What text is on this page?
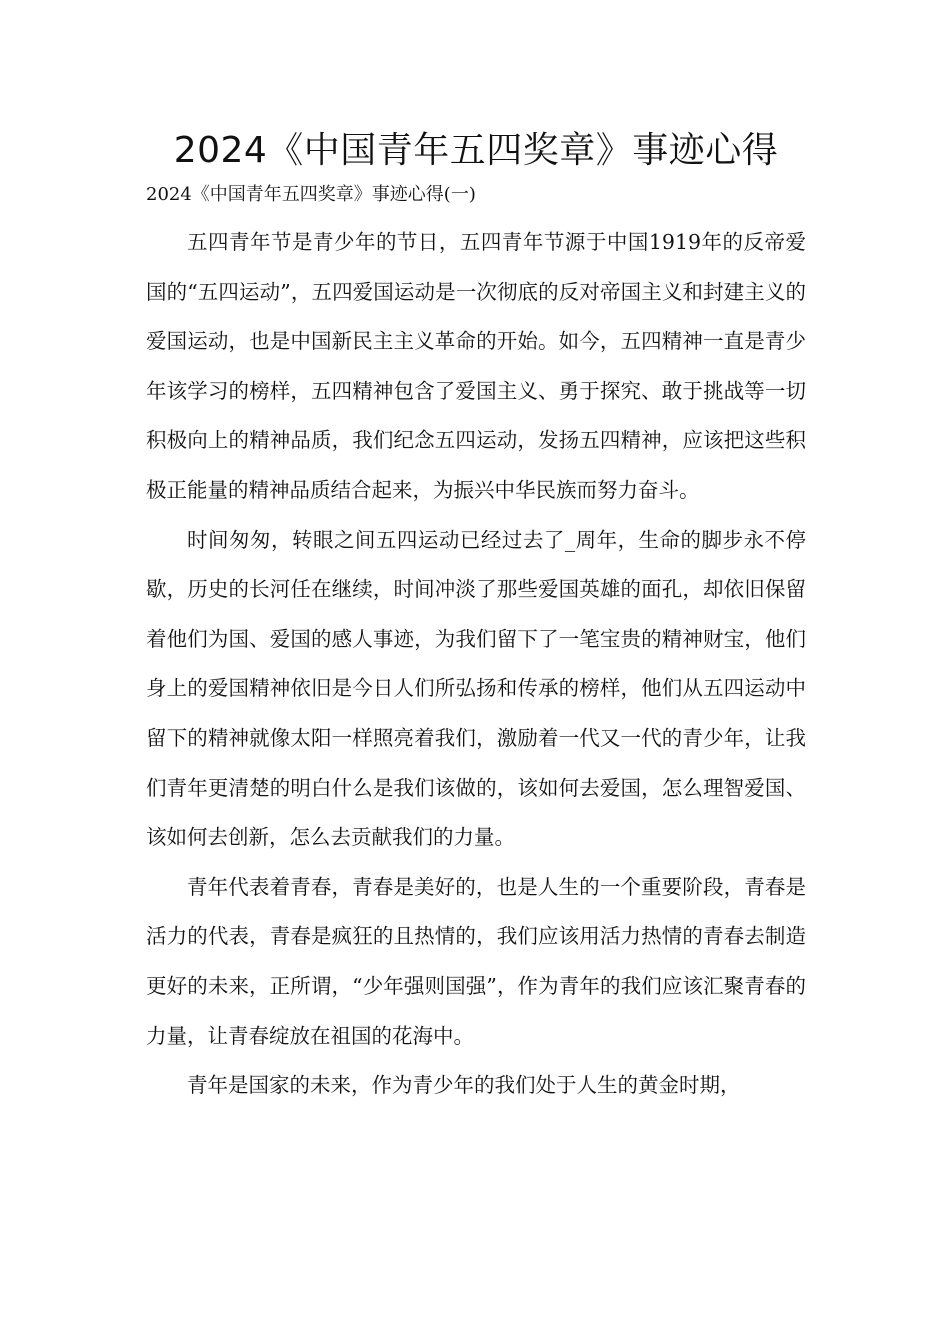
2024《中国青年五四奖章》事迹心得
2024《中国青年五四奖章》事迹心得(一)

五四青年节是青少年的节日，五四青年节源于中国1919年的反帝爱国的“五四运动”，五四爱国运动是一次彻底的反对帝国主义和封建主义的爱国运动，也是中国新民主主义革命的开始。如今，五四精神一直是青少年该学习的榜样，五四精神包含了爱国主义、勇于探究、敢于挑战等一切积极向上的精神品质，我们纪念五四运动，发扬五四精神，应该把这些积极正能量的精神品质结合起来，为振兴中华民族而努力奋斗。

时间匆匆，转眼之间五四运动已经过去了_周年，生命的脚步永不停歇，历史的长河任在继续，时间冲淡了那些爱国英雄的面孔，却依旧保留着他们为国、爱国的感人事迹，为我们留下了一笔宝贵的精神财宝，他们身上的爱国精神依旧是今日人们所弘扬和传承的榜样，他们从五四运动中留下的精神就像太阳一样照亮着我们，激励着一代又一代的青少年，让我们青年更清楚的明白什么是我们该做的，该如何去爱国，怎么理智爱国、该如何去创新，怎么去贡献我们的力量。

青年代表着青春，青春是美好的，也是人生的一个重要阶段，青春是活力的代表，青春是疯狂的且热情的，我们应该用活力热情的青春去制造更好的未来，正所谓，“少年强则国强”，作为青年的我们应该汇聚青春的力量，让青春绽放在祖国的花海中。

青年是国家的未来，作为青少年的我们处于人生的黄金时期，
